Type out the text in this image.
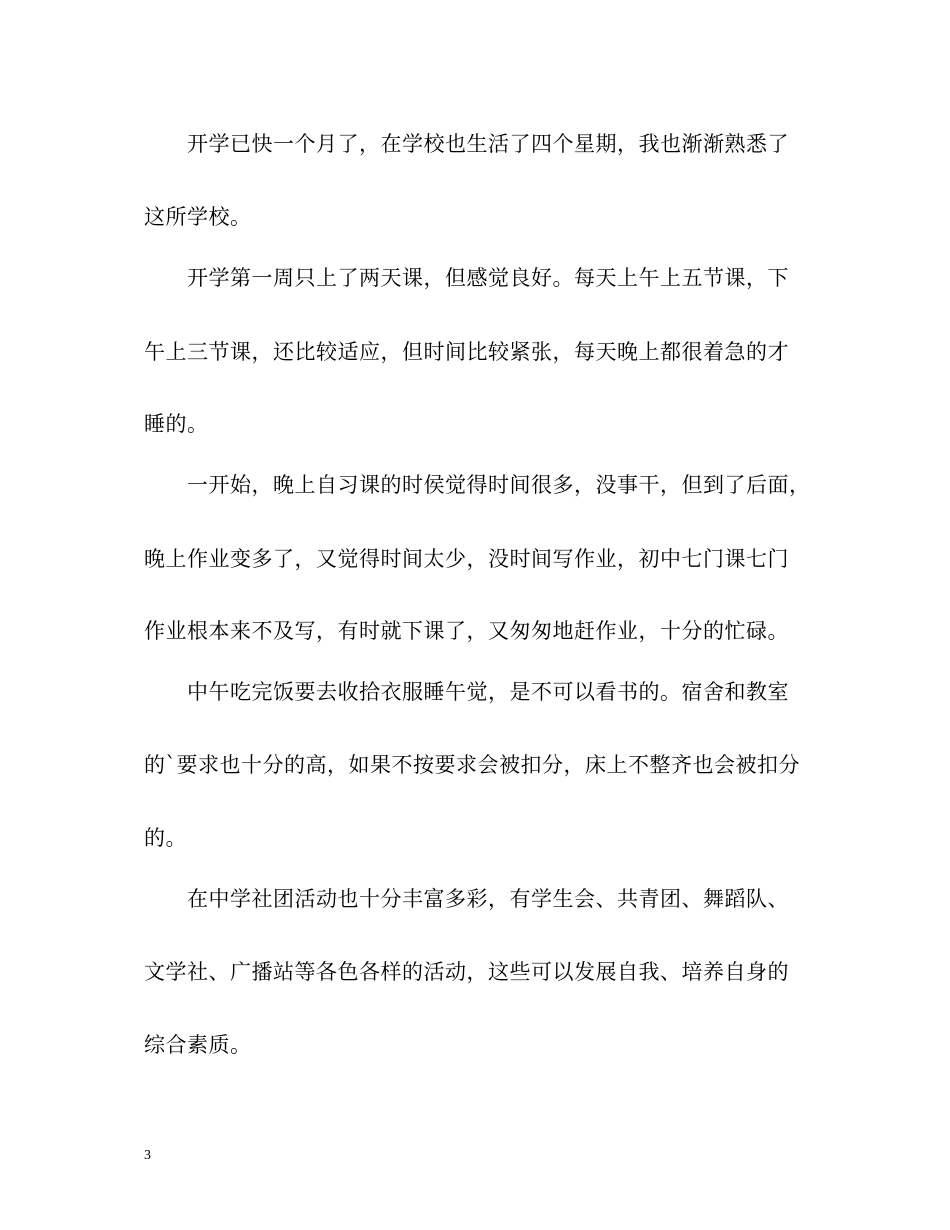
开学已快一个月了，在学校也生活了四个星期，我也渐渐熟悉了
这所学校。
开学第一周只上了两天课，但感觉良好。每天上午上五节课，下
午上三节课，还比较适应，但时间比较紧张，每天晚上都很着急的才
睡的。
一开始，晚上自习课的时侯觉得时间很多，没事干，但到了后面，
晚上作业变多了，又觉得时间太少，没时间写作业，初中七门课七门
作业根本来不及写，有时就下课了，又匆匆地赶作业，十分的忙碌。
中午吃完饭要去收拾衣服睡午觉，是不可以看书的。宿舍和教室
的`要求也十分的高，如果不按要求会被扣分，床上不整齐也会被扣分
的。
在中学社团活动也十分丰富多彩，有学生会、共青团、舞蹈队、
文学社、广播站等各色各样的活动，这些可以发展自我、培养自身的
综合素质。
3
